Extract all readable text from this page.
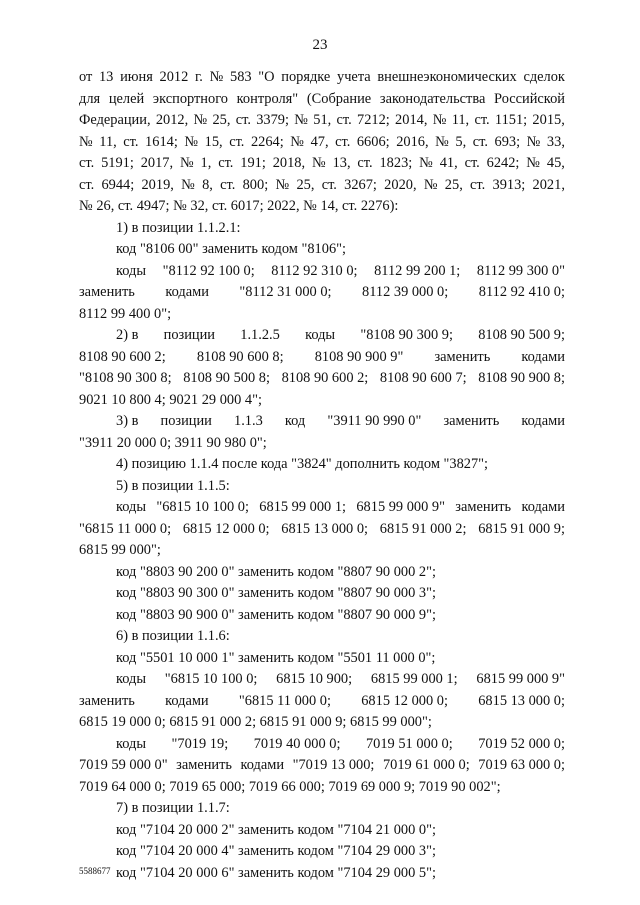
23
от 13 июня 2012 г. № 583 "О порядке учета внешнеэкономических сделок
для целей экспортного контроля" (Собрание законодательства Российской
Федерации, 2012, № 25, ст. 3379; № 51, ст. 7212; 2014, № 11, ст. 1151; 2015,
№ 11, ст. 1614; № 15, ст. 2264; № 47, ст. 6606; 2016, № 5, ст. 693; № 33,
ст. 5191; 2017, № 1, ст. 191; 2018, № 13, ст. 1823; № 41, ст. 6242; № 45,
ст. 6944; 2019, № 8, ст. 800; № 25, ст. 3267; 2020, № 25, ст. 3913; 2021,
№ 26, ст. 4947; № 32, ст. 6017; 2022, № 14, ст. 2276):
1) в позиции 1.1.2.1:
код "8106 00" заменить кодом "8106";
коды "8112 92 100 0; 8112 92 310 0; 8112 99 200 1; 8112 99 300 0"
заменить кодами "8112 31 000 0; 8112 39 000 0; 8112 92 410 0;
8112 99 400 0";
2) в позиции 1.1.2.5 коды "8108 90 300 9; 8108 90 500 9;
8108 90 600 2; 8108 90 600 8; 8108 90 900 9" заменить кодами
"8108 90 300 8; 8108 90 500 8; 8108 90 600 2; 8108 90 600 7; 8108 90 900 8;
9021 10 800 4; 9021 29 000 4";
3) в позиции 1.1.3 код "3911 90 990 0" заменить кодами
"3911 20 000 0; 3911 90 980 0";
4) позицию 1.1.4 после кода "3824" дополнить кодом "3827";
5) в позиции 1.1.5:
коды "6815 10 100 0; 6815 99 000 1; 6815 99 000 9" заменить кодами
"6815 11 000 0; 6815 12 000 0; 6815 13 000 0; 6815 91 000 2; 6815 91 000 9;
6815 99 000";
код "8803 90 200 0" заменить кодом "8807 90 000 2";
код "8803 90 300 0" заменить кодом "8807 90 000 3";
код "8803 90 900 0" заменить кодом "8807 90 000 9";
6) в позиции 1.1.6:
код "5501 10 000 1" заменить кодом "5501 11 000 0";
коды "6815 10 100 0; 6815 10 900; 6815 99 000 1; 6815 99 000 9"
заменить кодами "6815 11 000 0; 6815 12 000 0; 6815 13 000 0;
6815 19 000 0; 6815 91 000 2; 6815 91 000 9; 6815 99 000";
коды "7019 19; 7019 40 000 0; 7019 51 000 0; 7019 52 000 0;
7019 59 000 0" заменить кодами "7019 13 000; 7019 61 000 0; 7019 63 000 0;
7019 64 000 0; 7019 65 000; 7019 66 000; 7019 69 000 9; 7019 90 002";
7) в позиции 1.1.7:
код "7104 20 000 2" заменить кодом "7104 21 000 0";
код "7104 20 000 4" заменить кодом "7104 29 000 3";
код "7104 20 000 6" заменить кодом "7104 29 000 5";
5588677
